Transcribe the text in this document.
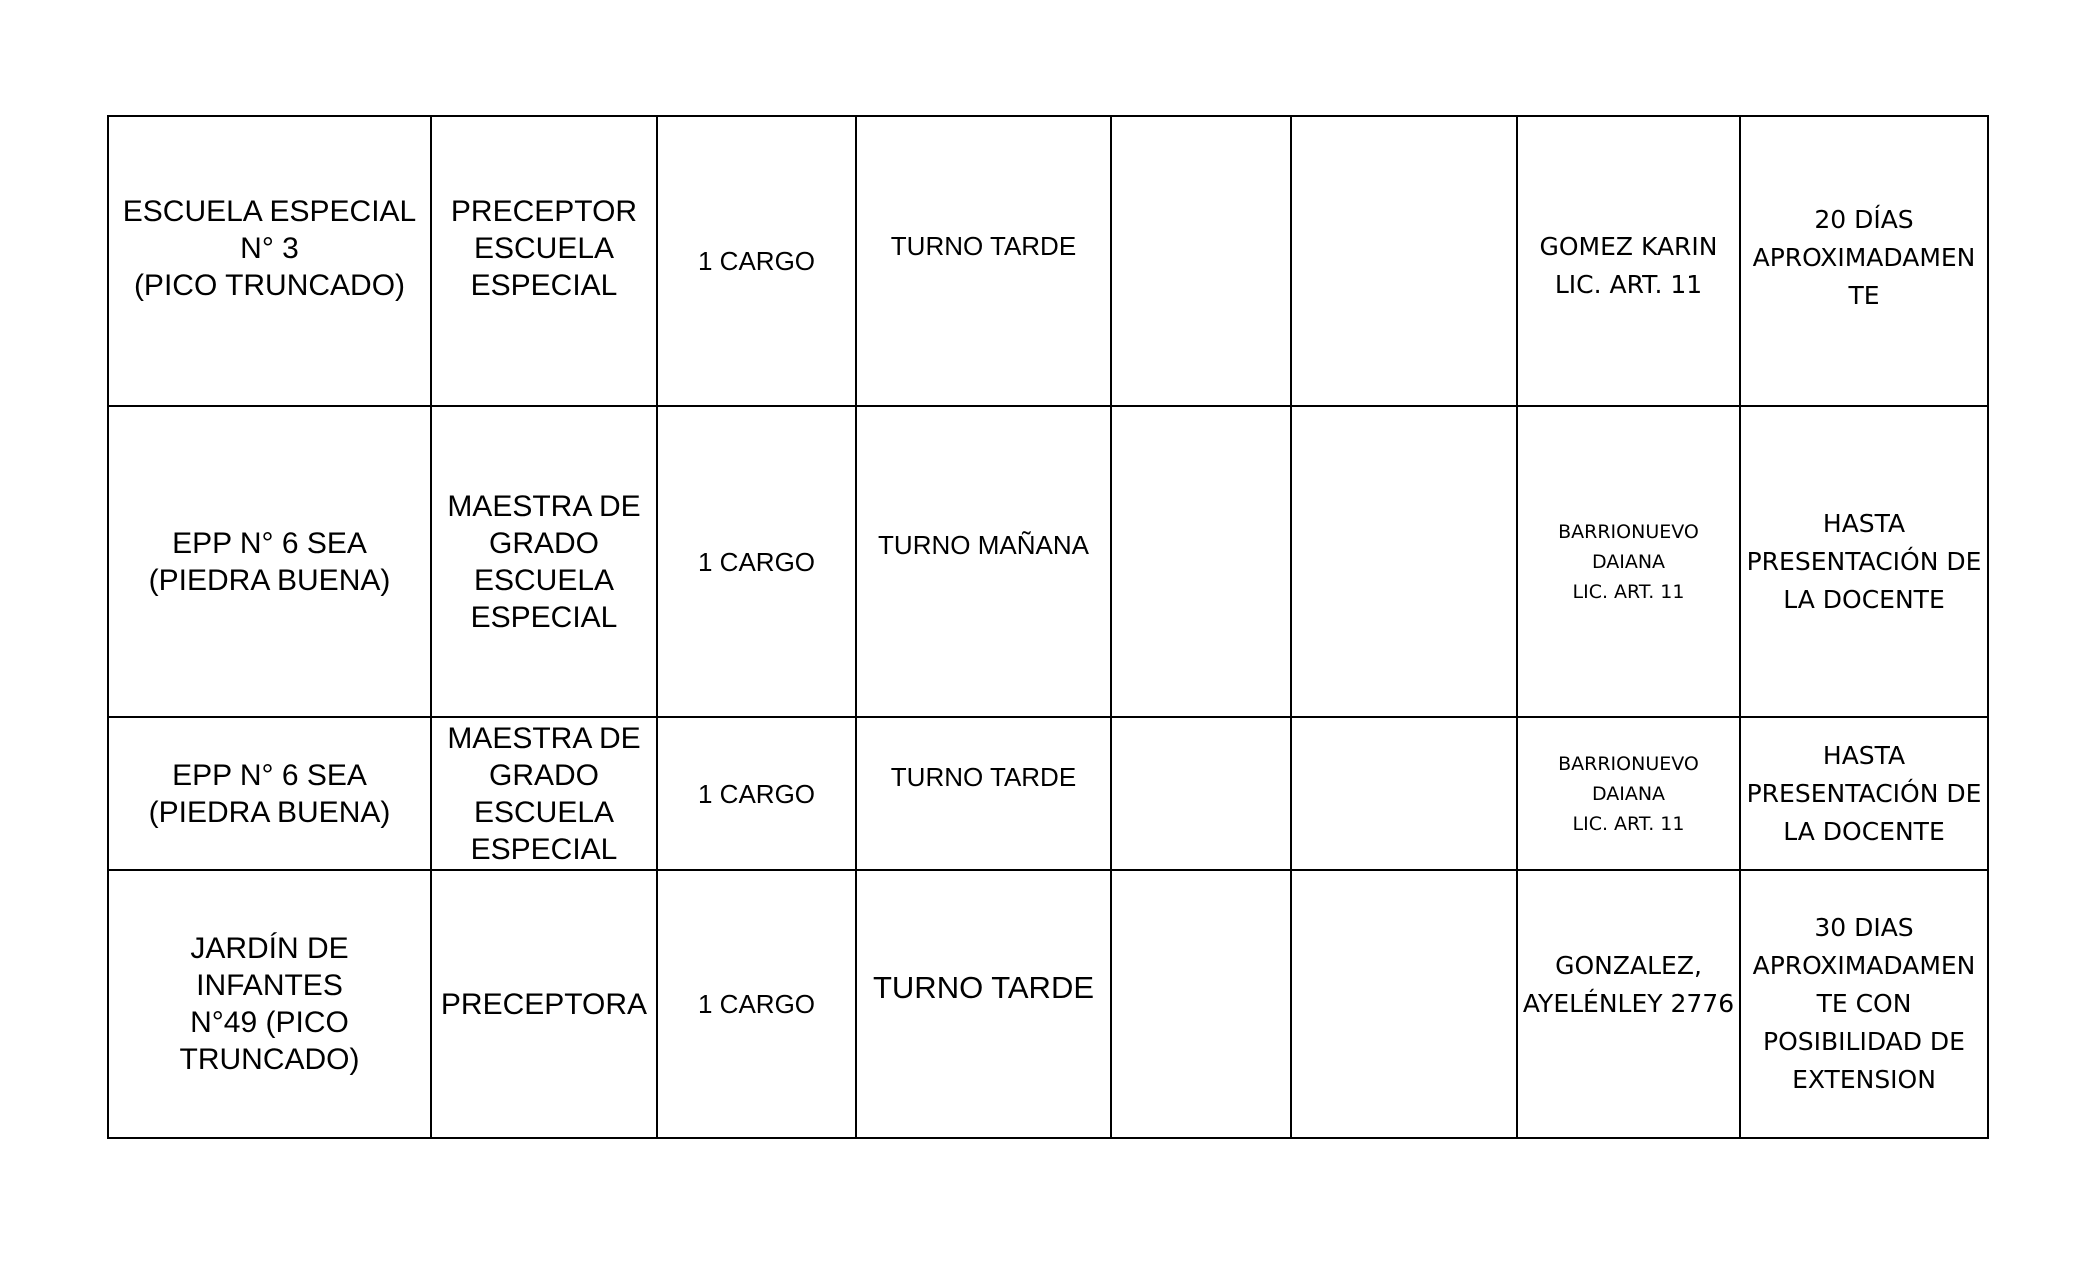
ESCUELA ESPECIAL
N° 3
(PICO TRUNCADO)	PRECEPTOR
ESCUELA
ESPECIAL	1 CARGO	TURNO TARDE			GOMEZ KARIN
LIC. ART. 11	20 DÍAS
APROXIMADAMEN
TE

EPP N° 6 SEA
(PIEDRA BUENA)	MAESTRA DE
GRADO
ESCUELA
ESPECIAL	1 CARGO	TURNO MAÑANA			BARRIONUEVO
DAIANA
LIC. ART. 11	HASTA
PRESENTACIÓN DE
LA DOCENTE

EPP N° 6 SEA
(PIEDRA BUENA)	MAESTRA DE
GRADO
ESCUELA
ESPECIAL	1 CARGO	TURNO TARDE			BARRIONUEVO
DAIANA
LIC. ART. 11	HASTA
PRESENTACIÓN DE
LA DOCENTE

JARDÍN DE INFANTES
N°49 (PICO
TRUNCADO)	PRECEPTORA	1 CARGO	TURNO TARDE			GONZALEZ,
AYELÉNLEY 2776	30 DIAS
APROXIMADAMEN
TE CON
POSIBILIDAD DE
EXTENSION
